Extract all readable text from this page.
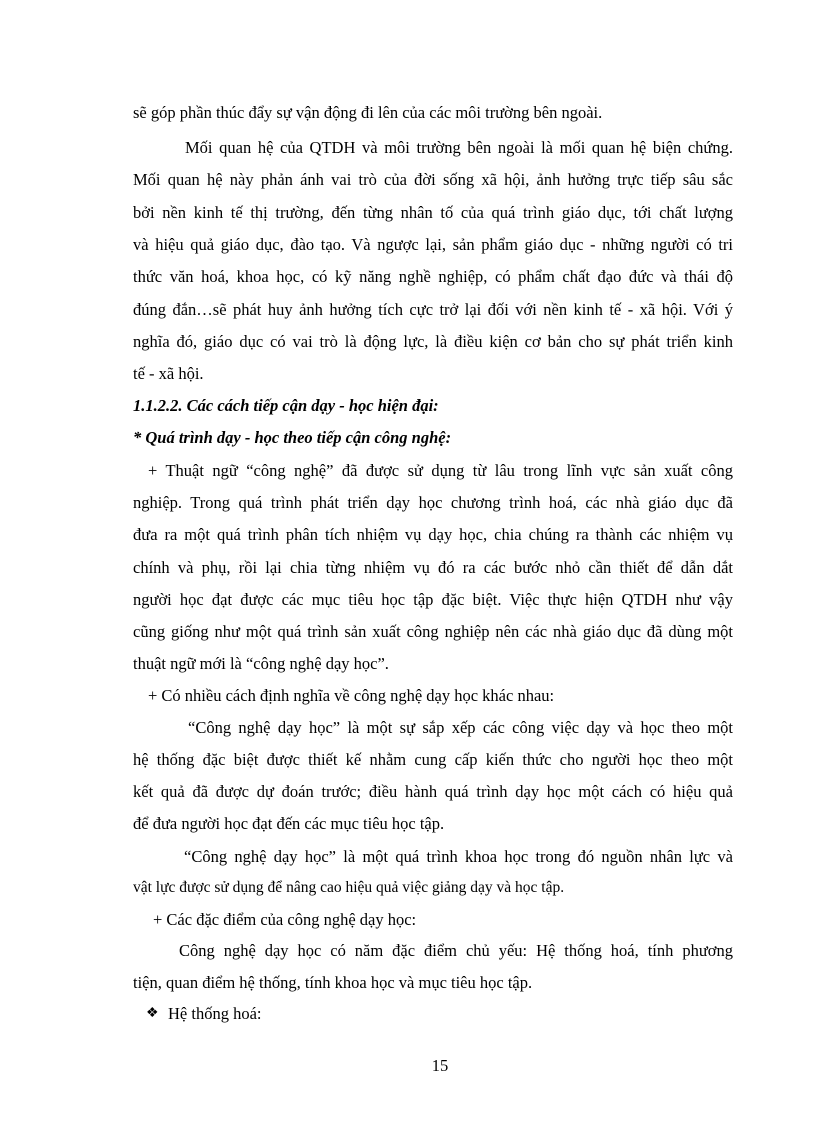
sẽ góp phần thúc đẩy sự vận động đi lên của các môi trường bên ngoài.

Mối quan hệ của QTDH và môi trường bên ngoài là mối quan hệ biện chứng.

Mối quan hệ này phản ánh vai trò của đời sống xã hội, ảnh hưởng trực tiếp sâu sắc

bởi nền kinh tế thị trường, đến từng nhân tố của quá trình giáo dục, tới chất lượng

và hiệu quả giáo dục, đào tạo. Và ngược lại, sản phẩm giáo dục - những người có tri

thức văn hoá, khoa học, có kỹ năng nghề nghiệp, có phẩm chất đạo đức và thái độ

đúng đắn…sẽ phát huy ảnh hưởng tích cực trở lại đối với nền kinh tế - xã hội. Với ý

nghĩa đó, giáo dục có vai trò là động lực, là điều kiện cơ bản cho sự phát triển kinh

tế - xã hội.

1.1.2.2. Các cách tiếp cận dạy - học hiện đại:

* Quá trình dạy - học theo tiếp cận công nghệ:

+ Thuật ngữ “công nghệ” đã được sử dụng từ lâu trong lĩnh vực sản xuất công

nghiệp. Trong quá trình phát triển dạy học chương trình hoá, các nhà giáo dục đã

đưa ra một quá trình phân tích nhiệm vụ dạy học, chia chúng ra thành các nhiệm vụ

chính và phụ, rồi lại chia từng nhiệm vụ đó ra các bước nhỏ cần thiết để dẫn dắt

người học đạt được các mục tiêu học tập đặc biệt. Việc thực hiện QTDH như vậy

cũng giống như một quá trình sản xuất công nghiệp nên các nhà giáo dục đã dùng một

thuật ngữ mới là “công nghệ dạy học”.

+ Có nhiều cách định nghĩa về công nghệ dạy học khác nhau:

“Công nghệ dạy học” là một sự sắp xếp các công việc dạy và học theo một

hệ thống đặc biệt được thiết kế nhằm cung cấp kiến thức cho người học theo một

kết quả đã được dự đoán trước; điều hành quá trình dạy học một cách có hiệu quả

để đưa người học đạt đến các mục tiêu học tập.

“Công nghệ dạy học” là một quá trình khoa học trong đó nguồn nhân lực và

vật lực được sử dụng để nâng cao hiệu quả việc giảng dạy và học tập.

+ Các đặc điểm của công nghệ dạy học:

Công nghệ dạy học có năm đặc điểm chủ yếu: Hệ thống hoá, tính phương

tiện, quan điểm hệ thống, tính khoa học và mục tiêu học tập.

❖ Hệ thống hoá:

15
